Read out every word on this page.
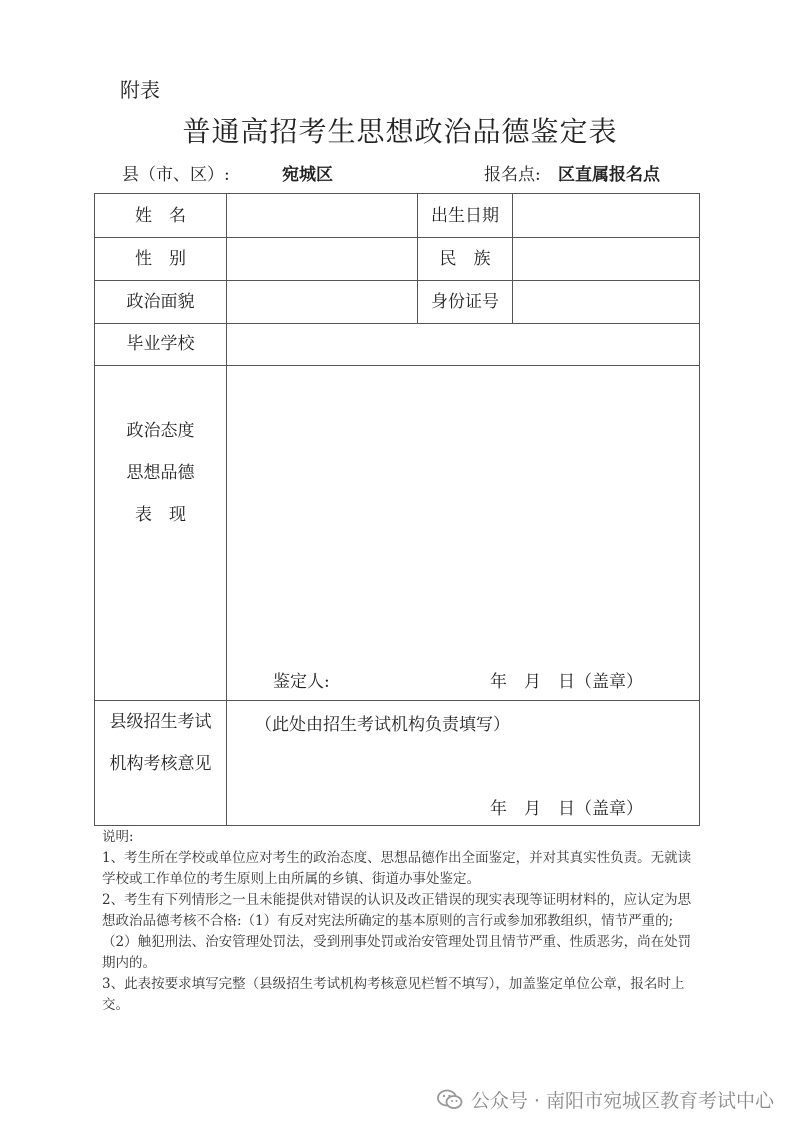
附表
普通高招考生思想政治品德鉴定表
县（市、区）:	宛城区	报名点: 区直属报名点
姓　名	出生日期
性　别	民　族
政治面貌	身份证号
毕业学校
政治态度
思想品德
表　现
鉴定人:	年　月　日（盖章）
县级招生考试
机构考核意见
（此处由招生考试机构负责填写）
年　月　日（盖章）

说明:

1、考生所在学校或单位应对考生的政治态度、思想品德作出全面鉴定，并对其真实性负责。无就读学校或工作单位的考生原则上由所属的乡镇、街道办事处鉴定。

2、考生有下列情形之一且未能提供对错误的认识及改正错误的现实表现等证明材料的，应认定为思想政治品德考核不合格:（1）有反对宪法所确定的基本原则的言行或参加邪教组织，情节严重的;（2）触犯刑法、治安管理处罚法，受到刑事处罚或治安管理处罚且情节严重、性质恶劣，尚在处罚期内的。

3、此表按要求填写完整（县级招生考试机构考核意见栏暂不填写），加盖鉴定单位公章，报名时上交。

公众号 · 南阳市宛城区教育考试中心
